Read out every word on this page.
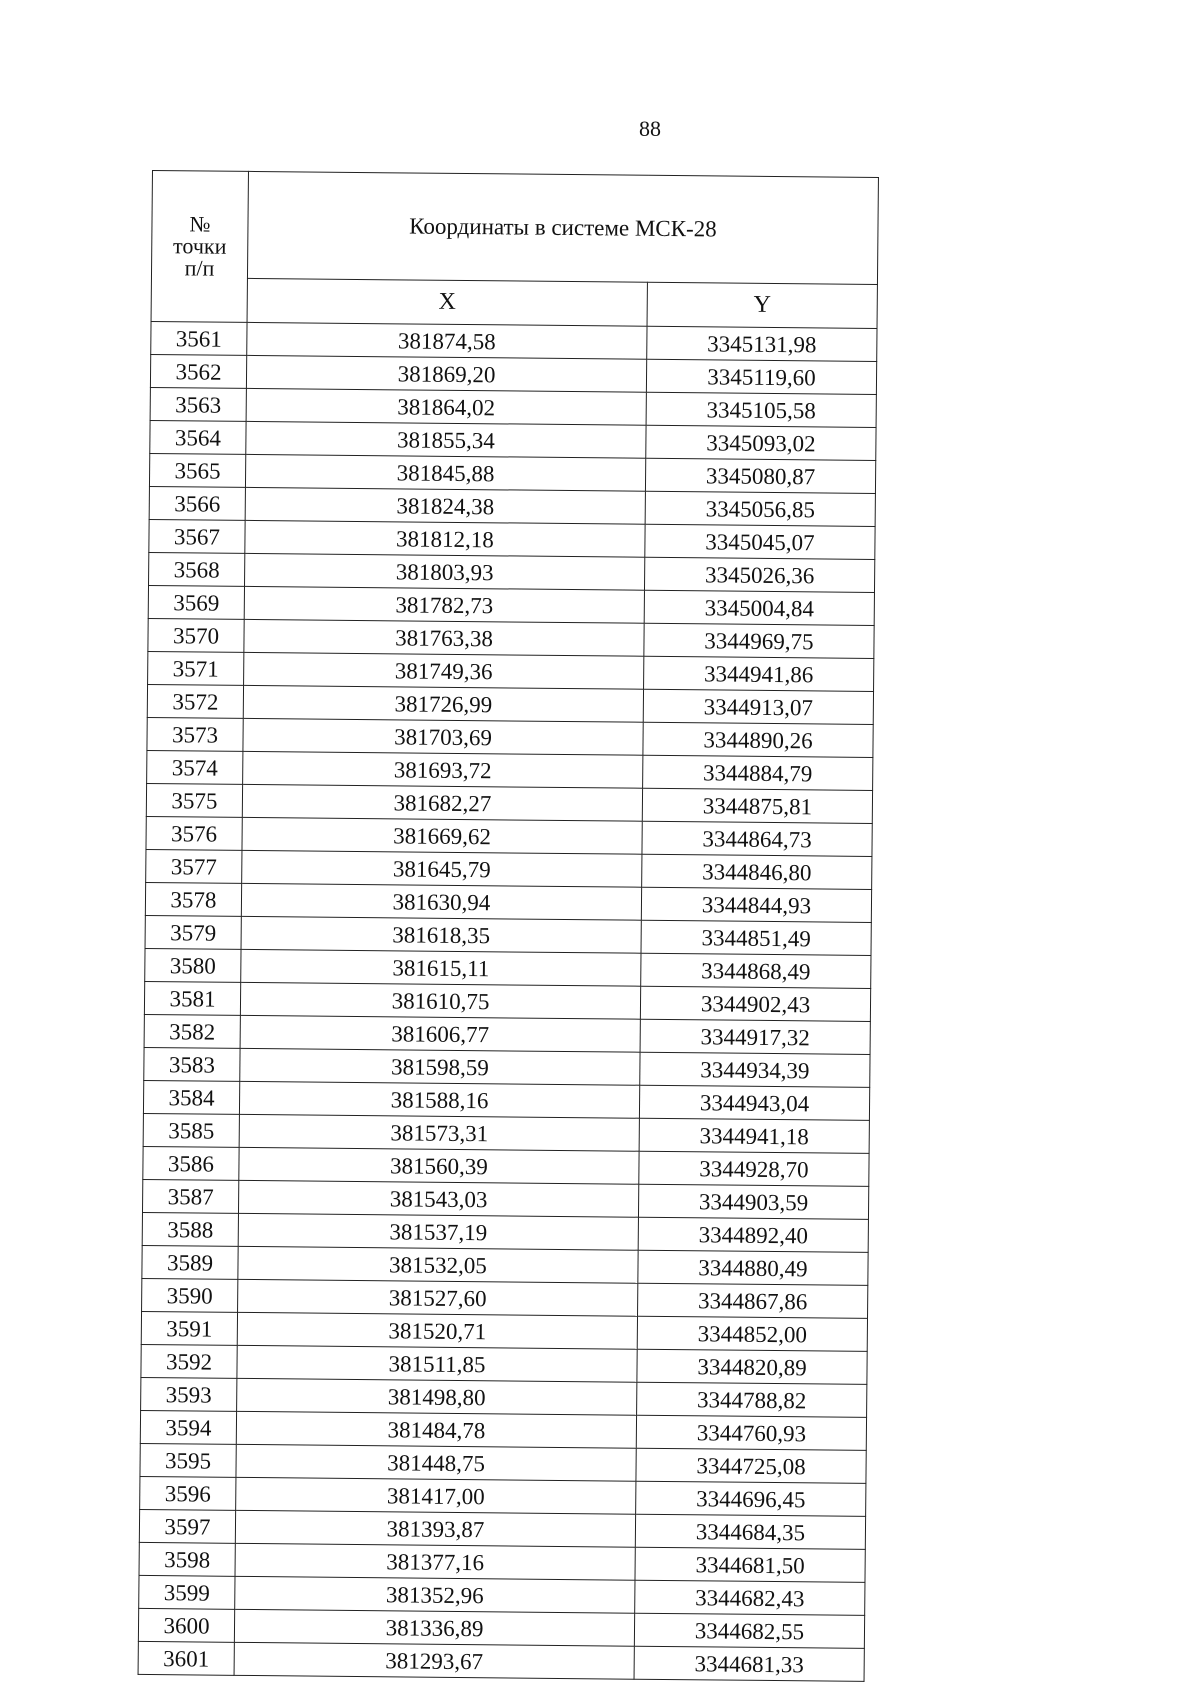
88
№
точки
п/п	Координаты в системе МСК-28	
	X	Y
3561	381874,58	3345131,98
3562	381869,20	3345119,60
3563	381864,02	3345105,58
3564	381855,34	3345093,02
3565	381845,88	3345080,87
3566	381824,38	3345056,85
3567	381812,18	3345045,07
3568	381803,93	3345026,36
3569	381782,73	3345004,84
3570	381763,38	3344969,75
3571	381749,36	3344941,86
3572	381726,99	3344913,07
3573	381703,69	3344890,26
3574	381693,72	3344884,79
3575	381682,27	3344875,81
3576	381669,62	3344864,73
3577	381645,79	3344846,80
3578	381630,94	3344844,93
3579	381618,35	3344851,49
3580	381615,11	3344868,49
3581	381610,75	3344902,43
3582	381606,77	3344917,32
3583	381598,59	3344934,39
3584	381588,16	3344943,04
3585	381573,31	3344941,18
3586	381560,39	3344928,70
3587	381543,03	3344903,59
3588	381537,19	3344892,40
3589	381532,05	3344880,49
3590	381527,60	3344867,86
3591	381520,71	3344852,00
3592	381511,85	3344820,89
3593	381498,80	3344788,82
3594	381484,78	3344760,93
3595	381448,75	3344725,08
3596	381417,00	3344696,45
3597	381393,87	3344684,35
3598	381377,16	3344681,50
3599	381352,96	3344682,43
3600	381336,89	3344682,55
3601	381293,67	3344681,33
